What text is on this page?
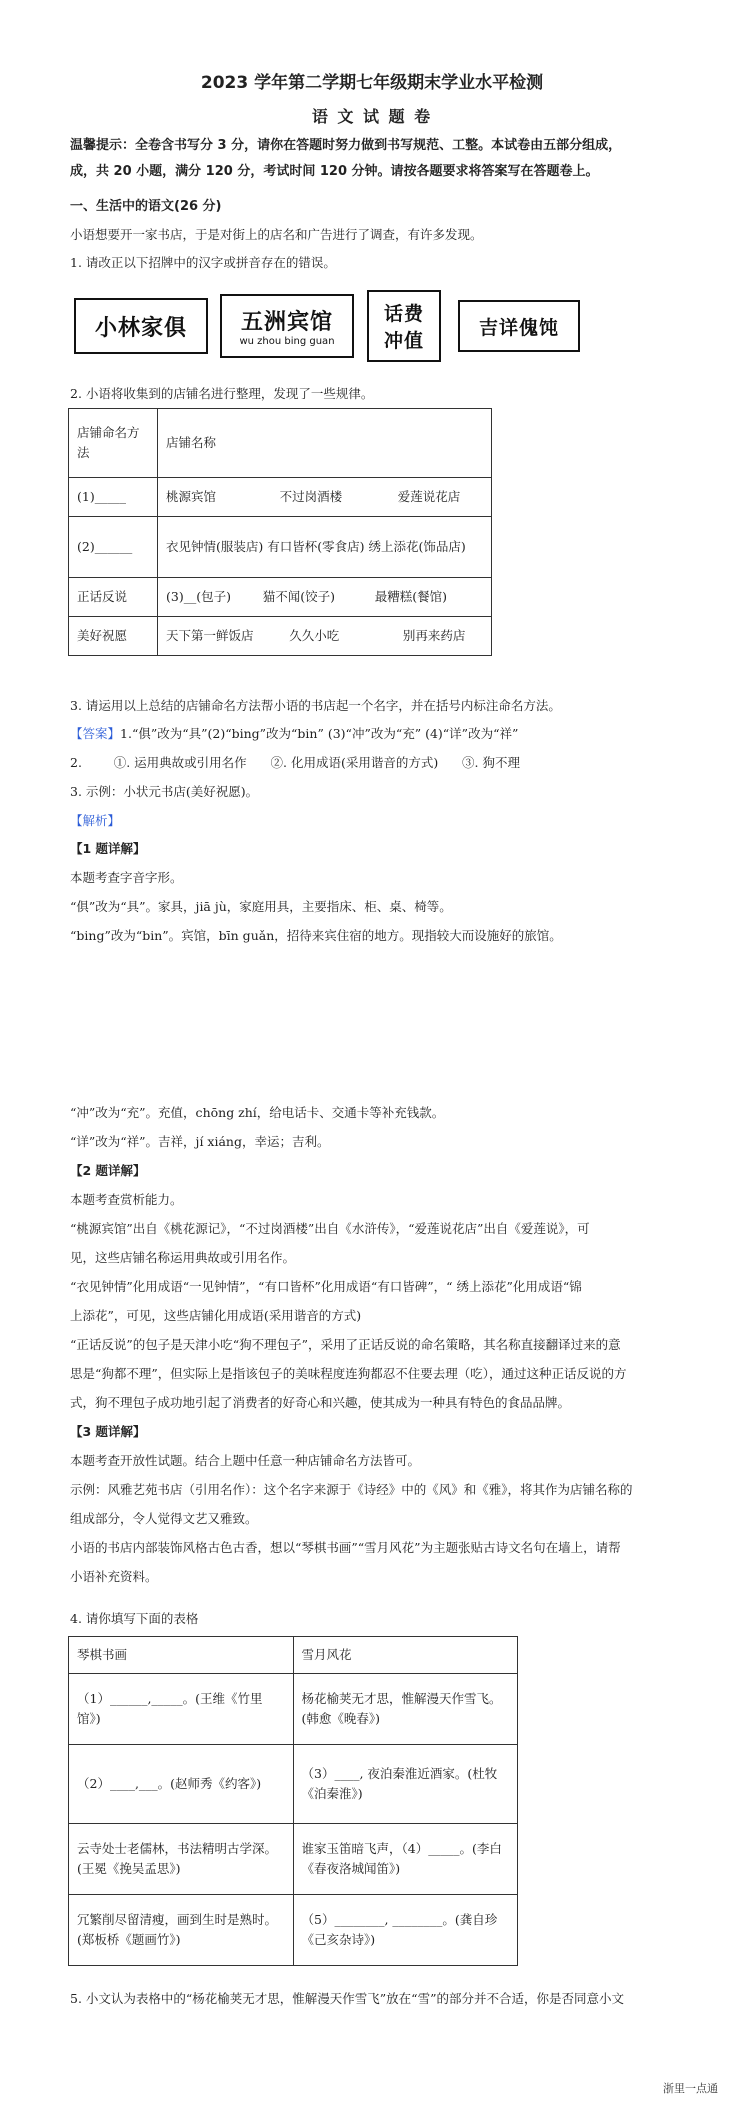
2023 学年第二学期七年级期末学业水平检测
语 文 试 题 卷
温馨提示：全卷含书写分 3 分，请你在答题时努力做到书写规范、工整。本试卷由五部分组成，
成，共 20 小题，满分 120 分，考试时间 120 分钟。请按各题要求将答案写在答题卷上。
一、生活中的语文(26 分)
小语想要开一家书店，于是对街上的店名和广告进行了调查，有许多发现。
1. 请改正以下招牌中的汉字或拼音存在的错误。
小林家俱 五洲宾馆
wu zhou bing guan
话费
冲值
吉详傀饨
2. 小语将收集到的店铺名进行整理，发现了一些规律。
店铺命名方法	店铺名称
(1)_____	桃源宾馆                不过岗酒楼              爱莲说花店
(2)______	衣见钟情(服装店) 有口皆杯(零食店) 绣上添花(饰品店)
正话反说	(3)__(包子)        猫不闻(饺子)          最糟糕(餐馆)
美好祝愿	天下第一鲜饭店         久久小吃                别再来药店
3. 请运用以上总结的店铺命名方法帮小语的书店起一个名字，并在括号内标注命名方法。
【答案】1.“俱”改为“具”(2)“bing”改为“bin” (3)“冲”改为“充” (4)“详”改为“祥”
2.        ①. 运用典故或引用名作      ②. 化用成语(采用谐音的方式)      ③. 狗不理
3. 示例：小状元书店(美好祝愿)。
【解析】
【1 题详解】
本题考查字音字形。
“俱”改为“具”。家具，jiā jù，家庭用具，主要指床、柜、桌、椅等。
“bing”改为“bin”。宾馆，bīn guǎn，招待来宾住宿的地方。现指较大而设施好的旅馆。
“冲”改为“充”。充值，chōng zhí，给电话卡、交通卡等补充钱款。
“详”改为“祥”。吉祥，jí xiáng，幸运；吉利。
【2 题详解】
本题考查赏析能力。
“桃源宾馆”出自《桃花源记》，“不过岗酒楼”出自《水浒传》，“爱莲说花店”出自《爱莲说》，可
见，这些店铺名称运用典故或引用名作。
“衣见钟情”化用成语“一见钟情”，“有口皆杯”化用成语“有口皆碑”，“ 绣上添花”化用成语“锦
上添花”，可见，这些店铺化用成语(采用谐音的方式)
“正话反说”的包子是天津小吃“狗不理包子”，采用了正话反说的命名策略，其名称直接翻译过来的意
思是“狗都不理”，但实际上是指该包子的美味程度连狗都忍不住要去理（吃），通过这种正话反说的方
式，狗不理包子成功地引起了消费者的好奇心和兴趣，使其成为一种具有特色的食品品牌。
【3 题详解】
本题考查开放性试题。结合上题中任意一种店铺命名方法皆可。
示例：风雅艺苑书店（引用名作）：这个名字来源于《诗经》中的《风》和《雅》，将其作为店铺名称的
组成部分，令人觉得文艺又雅致。
小语的书店内部装饰风格古色古香，想以“琴棋书画”“雪月风花”为主题张贴古诗文名句在墙上，请帮
小语补充资料。
4. 请你填写下面的表格
琴棋书画	雪月风花
（1）______,_____。(王维《竹里馆》)	杨花榆荚无才思，惟解漫天作雪飞。(韩愈《晚春》)
（2）____,___。(赵师秀《约客》)	（3）____, 夜泊秦淮近酒家。(杜牧《泊秦淮》)
云寺处士老儒林，书法精明古学深。(王冕《挽吴孟思》)	谁家玉笛暗飞声，（4）_____。(李白《春夜洛城闻笛》)
冗繁削尽留清瘦，画到生时是熟时。(郑板桥《题画竹》)	（5）________, ________。(龚自珍《己亥杂诗》)
5. 小文认为表格中的“杨花榆荚无才思，惟解漫天作雪飞”放在“雪”的部分并不合适，你是否同意小文
浙里一点通
